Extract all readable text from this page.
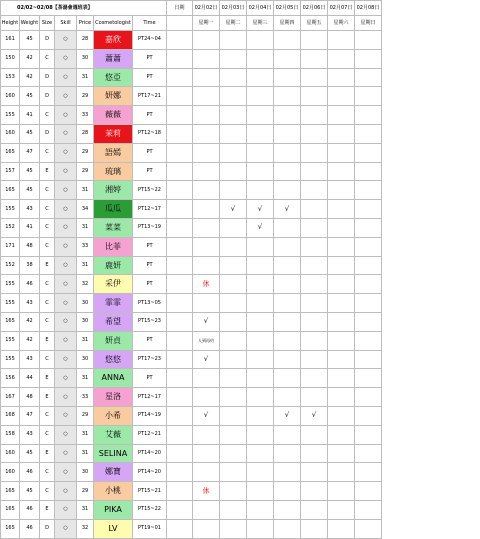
02/02~02/08【茶湯會週班表】							日期	02月02日	02月03日	02月04日	02月05日	02月06日	02月07日	02月08日
Height	Weight	Size	Skill	Price	Cosmetologist	Time		星期一	星期二	星期三	星期四	星期五	星期六	星期日
161	45	D	○	28	嘉欣	PT24~04								
150	42	C	○	30	蕭蕭	PT								
153	42	D	○	31	悠亞	PT								
160	45	D	○	29	妍娜	PT17~21								
155	41	C	○	33	薇薇	PT								
160	45	D	○	28	茉莉	PT12~18								
165	47	C	○	29	語嫣	PT								
157	45	E	○	29	琉璃	PT								
165	45	C	○	31	湘婷	PT15~22								
155	43	C	○	34	瓜瓜	PT12~17			√	√	√			
152	41	C	○	31	菜菜	PT13~19				√				
171	48	C	○	33	比菲	PT								
152	38	E	○	31	鹿妍	PT								
155	46	C	○	32	采伊	PT		休						
155	43	C	○	30	霏霏	PT13~05								
165	42	C	○	30	希望	PT15~23		√						
155	42	E	○	31	妍貞	PT		人到再約						
155	43	C	○	30	悠悠	PT17~23		√						
156	44	E	○	31	ANNA	PT								
167	48	E	○	33	星洛	PT12~17								
168	47	C	○	29	小希	PT14~19		√			√	√		
158	43	C	○	31	艾薇	PT12~21								
160	45	E	○	31	SELINA	PT14~20								
160	46	C	○	30	娜寶	PT14~20								
165	45	C	○	29	小桃	PT15~21		休						
165	46	E	○	31	PIKA	PT15~22								
165	46	D	○	32	LV	PT19~01								
